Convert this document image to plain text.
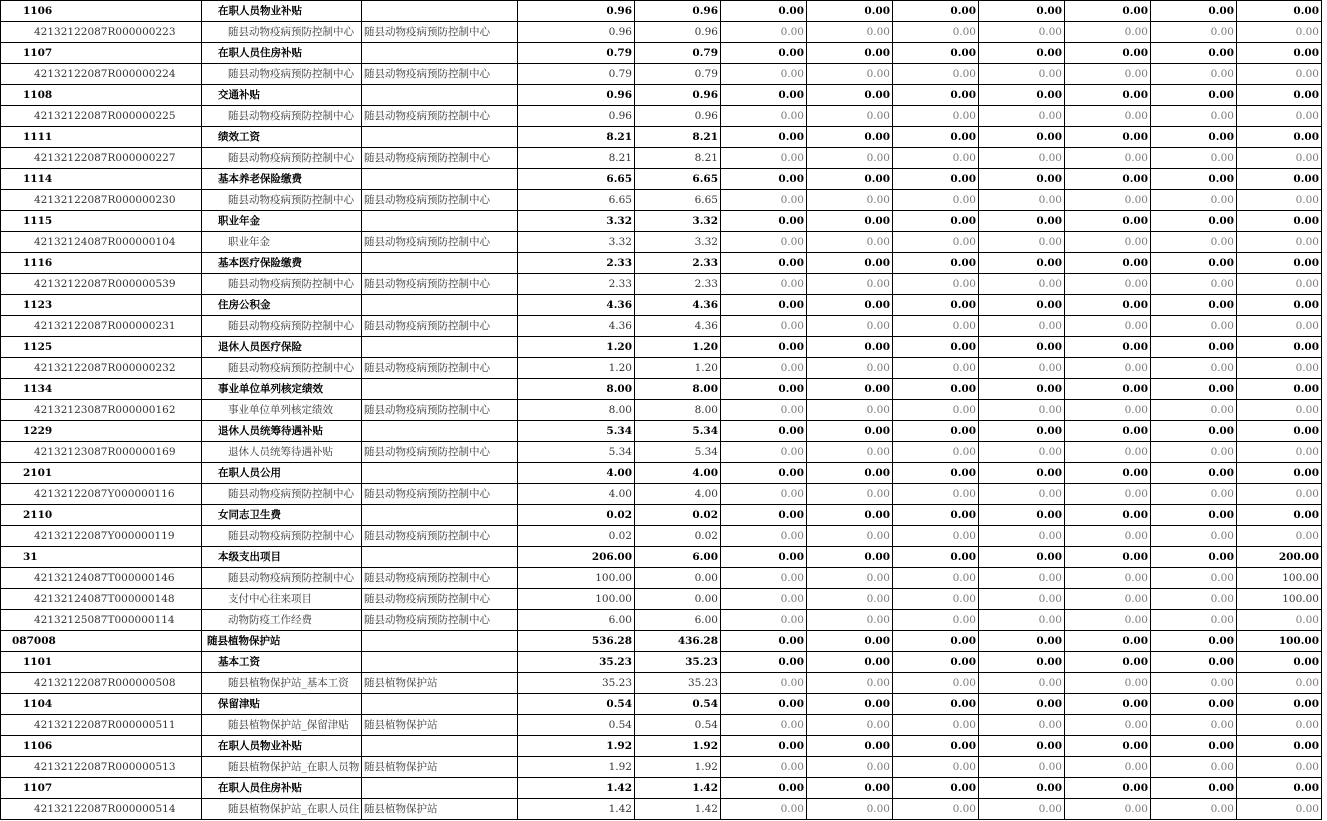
1106	在职人员物业补贴		0.96	0.96	0.00	0.00	0.00	0.00	0.00	0.00	0.00
42132122087R000000223	随县动物疫病预防控制中心	随县动物疫病预防控制中心	0.96	0.96	0.00	0.00	0.00	0.00	0.00	0.00	0.00
1107	在职人员住房补贴		0.79	0.79	0.00	0.00	0.00	0.00	0.00	0.00	0.00
42132122087R000000224	随县动物疫病预防控制中心	随县动物疫病预防控制中心	0.79	0.79	0.00	0.00	0.00	0.00	0.00	0.00	0.00
1108	交通补贴		0.96	0.96	0.00	0.00	0.00	0.00	0.00	0.00	0.00
42132122087R000000225	随县动物疫病预防控制中心	随县动物疫病预防控制中心	0.96	0.96	0.00	0.00	0.00	0.00	0.00	0.00	0.00
1111	绩效工资		8.21	8.21	0.00	0.00	0.00	0.00	0.00	0.00	0.00
42132122087R000000227	随县动物疫病预防控制中心	随县动物疫病预防控制中心	8.21	8.21	0.00	0.00	0.00	0.00	0.00	0.00	0.00
1114	基本养老保险缴费		6.65	6.65	0.00	0.00	0.00	0.00	0.00	0.00	0.00
42132122087R000000230	随县动物疫病预防控制中心	随县动物疫病预防控制中心	6.65	6.65	0.00	0.00	0.00	0.00	0.00	0.00	0.00
1115	职业年金		3.32	3.32	0.00	0.00	0.00	0.00	0.00	0.00	0.00
42132124087R000000104	职业年金	随县动物疫病预防控制中心	3.32	3.32	0.00	0.00	0.00	0.00	0.00	0.00	0.00
1116	基本医疗保险缴费		2.33	2.33	0.00	0.00	0.00	0.00	0.00	0.00	0.00
42132122087R000000539	随县动物疫病预防控制中心	随县动物疫病预防控制中心	2.33	2.33	0.00	0.00	0.00	0.00	0.00	0.00	0.00
1123	住房公积金		4.36	4.36	0.00	0.00	0.00	0.00	0.00	0.00	0.00
42132122087R000000231	随县动物疫病预防控制中心	随县动物疫病预防控制中心	4.36	4.36	0.00	0.00	0.00	0.00	0.00	0.00	0.00
1125	退休人员医疗保险		1.20	1.20	0.00	0.00	0.00	0.00	0.00	0.00	0.00
42132122087R000000232	随县动物疫病预防控制中心	随县动物疫病预防控制中心	1.20	1.20	0.00	0.00	0.00	0.00	0.00	0.00	0.00
1134	事业单位单列核定绩效		8.00	8.00	0.00	0.00	0.00	0.00	0.00	0.00	0.00
42132123087R000000162	事业单位单列核定绩效	随县动物疫病预防控制中心	8.00	8.00	0.00	0.00	0.00	0.00	0.00	0.00	0.00
1229	退休人员统筹待遇补贴		5.34	5.34	0.00	0.00	0.00	0.00	0.00	0.00	0.00
42132123087R000000169	退休人员统筹待遇补贴	随县动物疫病预防控制中心	5.34	5.34	0.00	0.00	0.00	0.00	0.00	0.00	0.00
2101	在职人员公用		4.00	4.00	0.00	0.00	0.00	0.00	0.00	0.00	0.00
42132122087Y000000116	随县动物疫病预防控制中心	随县动物疫病预防控制中心	4.00	4.00	0.00	0.00	0.00	0.00	0.00	0.00	0.00
2110	女同志卫生费		0.02	0.02	0.00	0.00	0.00	0.00	0.00	0.00	0.00
42132122087Y000000119	随县动物疫病预防控制中心	随县动物疫病预防控制中心	0.02	0.02	0.00	0.00	0.00	0.00	0.00	0.00	0.00
31	本级支出项目		206.00	6.00	0.00	0.00	0.00	0.00	0.00	0.00	200.00
42132124087T000000146	随县动物疫病预防控制中心	随县动物疫病预防控制中心	100.00	0.00	0.00	0.00	0.00	0.00	0.00	0.00	100.00
42132124087T000000148	支付中心往来项目	随县动物疫病预防控制中心	100.00	0.00	0.00	0.00	0.00	0.00	0.00	0.00	100.00
42132125087T000000114	动物防疫工作经费	随县动物疫病预防控制中心	6.00	6.00	0.00	0.00	0.00	0.00	0.00	0.00	0.00
087008	随县植物保护站		536.28	436.28	0.00	0.00	0.00	0.00	0.00	0.00	100.00
1101	基本工资		35.23	35.23	0.00	0.00	0.00	0.00	0.00	0.00	0.00
42132122087R000000508	随县植物保护站_基本工资	随县植物保护站	35.23	35.23	0.00	0.00	0.00	0.00	0.00	0.00	0.00
1104	保留津贴		0.54	0.54	0.00	0.00	0.00	0.00	0.00	0.00	0.00
42132122087R000000511	随县植物保护站_保留津贴	随县植物保护站	0.54	0.54	0.00	0.00	0.00	0.00	0.00	0.00	0.00
1106	在职人员物业补贴		1.92	1.92	0.00	0.00	0.00	0.00	0.00	0.00	0.00
42132122087R000000513	随县植物保护站_在职人员物	随县植物保护站	1.92	1.92	0.00	0.00	0.00	0.00	0.00	0.00	0.00
1107	在职人员住房补贴		1.42	1.42	0.00	0.00	0.00	0.00	0.00	0.00	0.00
42132122087R000000514	随县植物保护站_在职人员住	随县植物保护站	1.42	1.42	0.00	0.00	0.00	0.00	0.00	0.00	0.00
